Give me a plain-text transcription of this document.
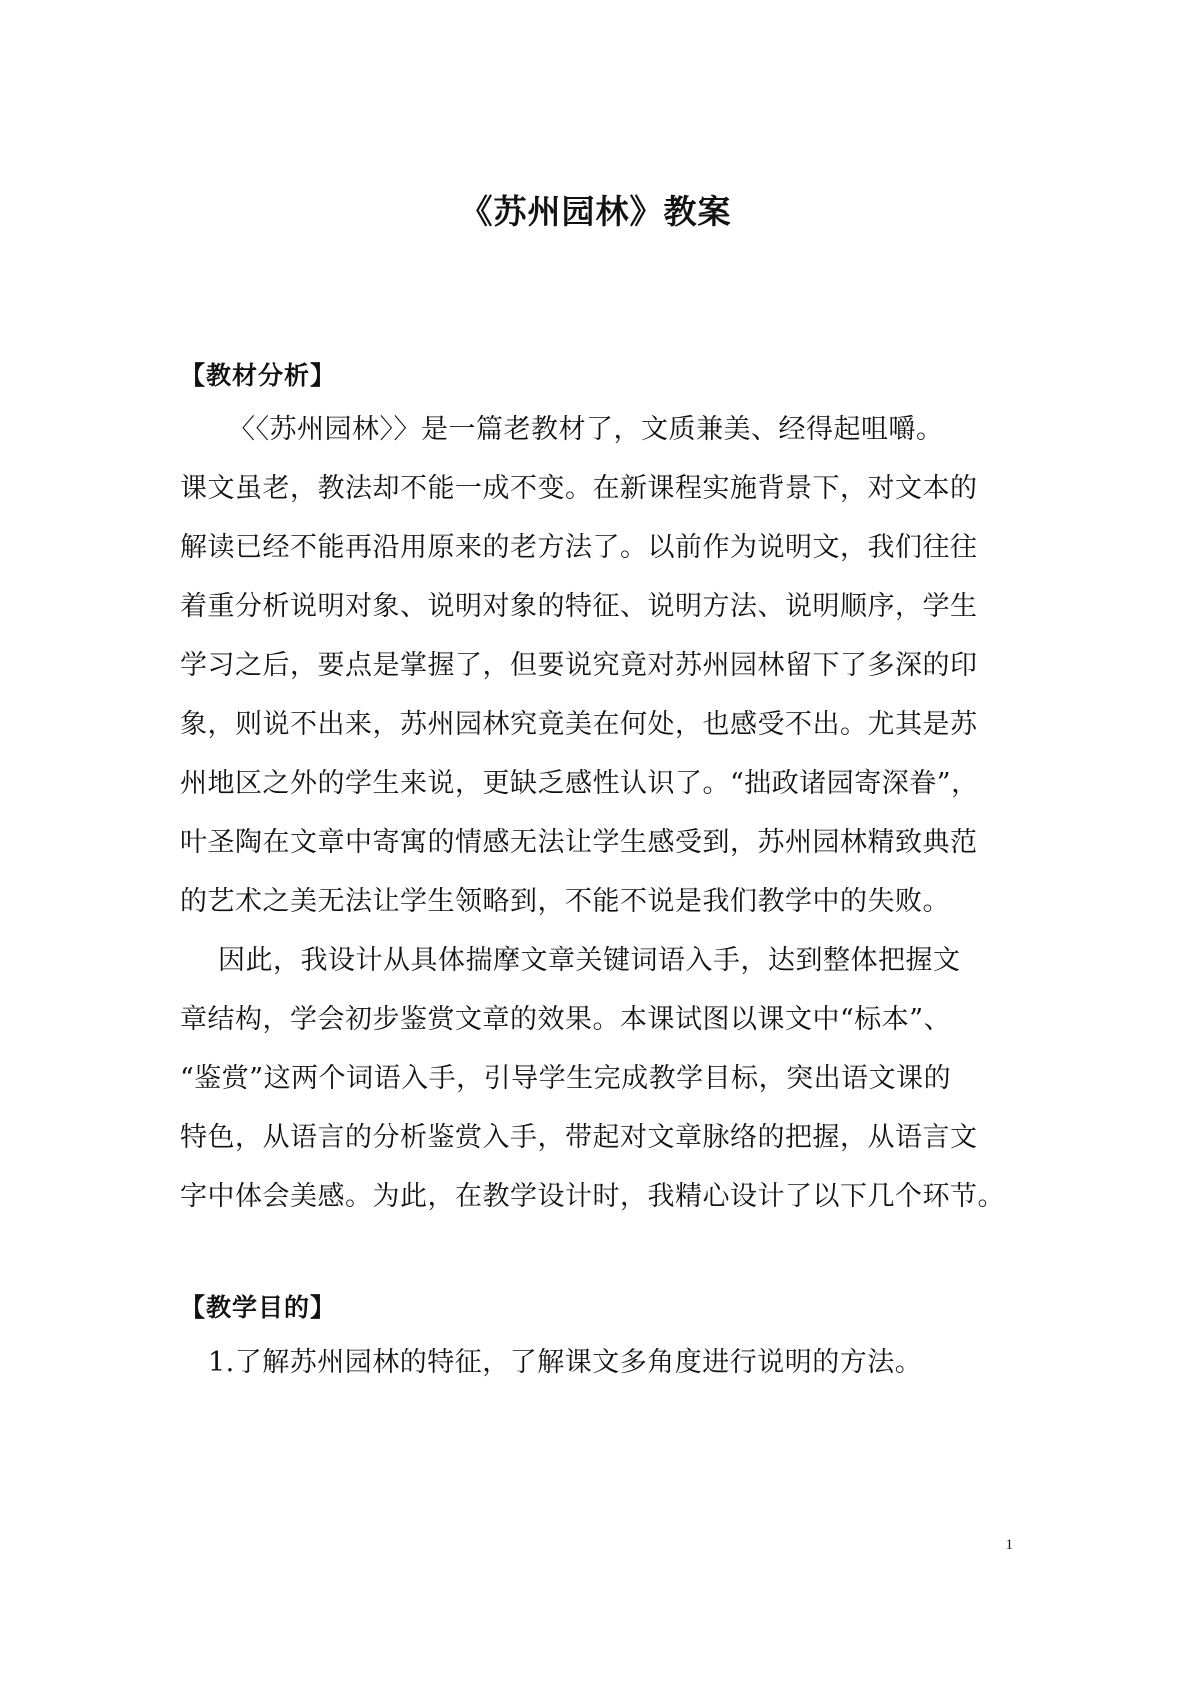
《苏州园林》教案
【教材分析】

〈〈苏州园林〉〉是一篇老教材了，文质兼美、经得起咀嚼。

课文虽老，教法却不能一成不变。在新课程实施背景下，对文本的

解读已经不能再沿用原来的老方法了。以前作为说明文，我们往往

着重分析说明对象、说明对象的特征、说明方法、说明顺序，学生

学习之后，要点是掌握了，但要说究竟对苏州园林留下了多深的印

象，则说不出来，苏州园林究竟美在何处，也感受不出。尤其是苏

州地区之外的学生来说，更缺乏感性认识了。“拙政诸园寄深眷”，

叶圣陶在文章中寄寓的情感无法让学生感受到，苏州园林精致典范

的艺术之美无法让学生领略到，不能不说是我们教学中的失败。

因此，我设计从具体揣摩文章关键词语入手，达到整体把握文

章结构，学会初步鉴赏文章的效果。本课试图以课文中“标本”、

“鉴赏”这两个词语入手，引导学生完成教学目标，突出语文课的

特色，从语言的分析鉴赏入手，带起对文章脉络的把握，从语言文

字中体会美感。为此，在教学设计时，我精心设计了以下几个环节。

【教学目的】

1.了解苏州园林的特征，了解课文多角度进行说明的方法。

1
